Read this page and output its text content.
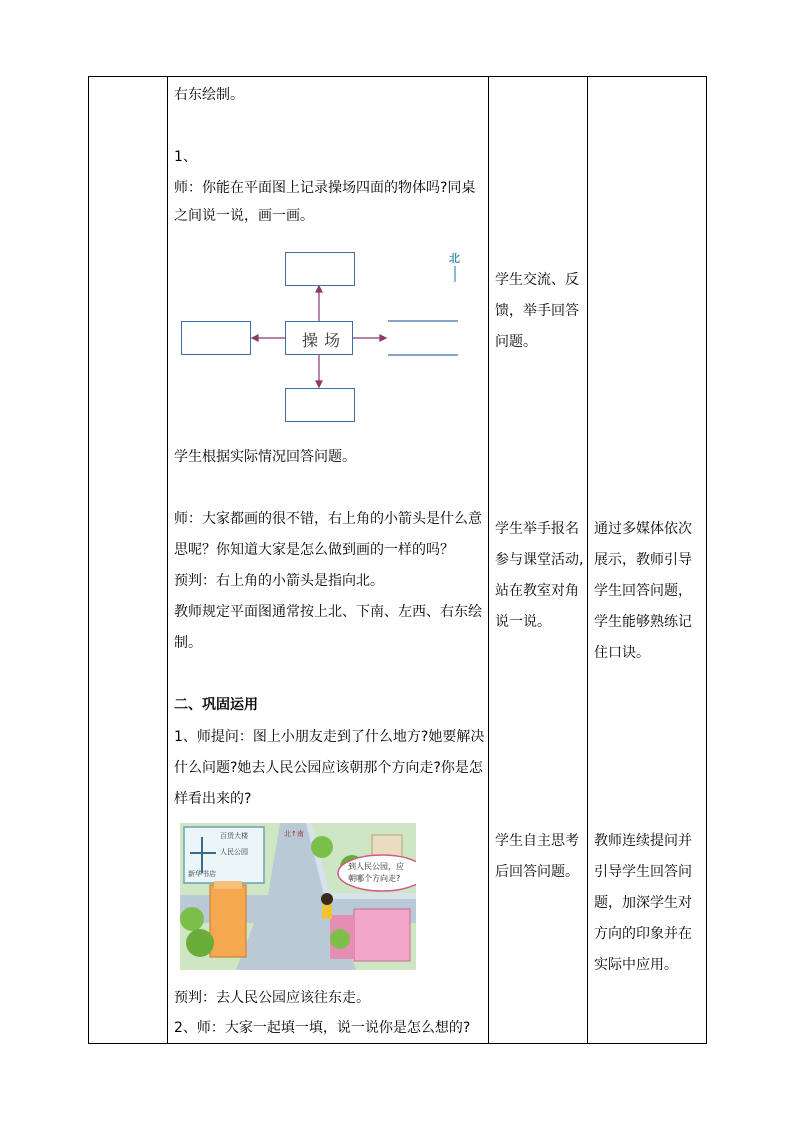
右东绘制。
1、
师：你能在平面图上记录操场四面的物体吗?同桌
之间说一说，画一画。
操场
北
学生根据实际情况回答问题。
师：大家都画的很不错，右上角的小箭头是什么意
思呢？你知道大家是怎么做到画的一样的吗？
预判：右上角的小箭头是指向北。
教师规定平面图通常按上北、下南、左西、右东绘
制。
二、巩固运用
1、师提问：图上小朋友走到了什么地方?她要解决
什么问题?她去人民公园应该朝那个方向走?你是怎
样看出来的?
百货大楼
人民公园
新华书店
北↑南
到人民公园，应
朝哪个方向走?
预判：去人民公园应该往东走。
2、师：大家一起填一填，说一说你是怎么想的?
学生交流、反
馈，举手回答
问题。
学生举手报名
参与课堂活动,
站在教室对角
说一说。
学生自主思考
后回答问题。
通过多媒体依次
展示，教师引导
学生回答问题，
学生能够熟练记
住口诀。
教师连续提问并
引导学生回答问
题，加深学生对
方向的印象并在
实际中应用。
